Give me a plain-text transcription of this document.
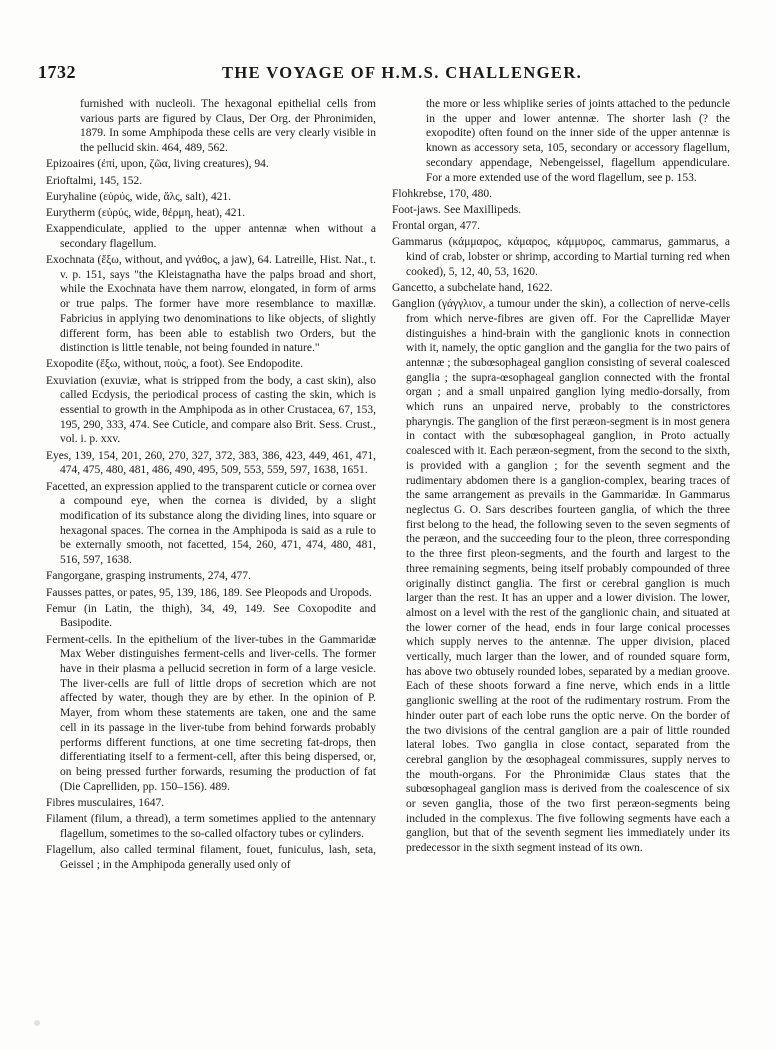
1732	THE VOYAGE OF H.M.S. CHALLENGER.

furnished with nucleoli. The hexagonal epithelial cells from various parts are figured by Claus, Der Org. der Phronimiden, 1879. In some Amphipoda these cells are very clearly visible in the pellucid skin. 464, 489, 562.

Epizoaires (ἐπί, upon, ζῶα, living creatures), 94.

Erioftalmi, 145, 152.

Euryhaline (εὐρύς, wide, ἅλς, salt), 421.

Eurytherm (εὐρύς, wide, θέρμη, heat), 421.

Exappendiculate, applied to the upper antennæ when without a secondary flagellum.

Exochnata (ἔξω, without, and γνάθος, a jaw), 64. Latreille, Hist. Nat., t. v. p. 151, says "the Kleistagnatha have the palps broad and short, while the Exochnata have them narrow, elongated, in form of arms or true palps. The former have more resemblance to maxillæ. Fabricius in applying two denominations to like objects, of slightly different form, has been able to establish two Orders, but the distinction is little tenable, not being founded in nature."

Exopodite (ἔξω, without, πούς, a foot). See Endopodite.

Exuviation (exuviæ, what is stripped from the body, a cast skin), also called Ecdysis, the periodical process of casting the skin, which is essential to growth in the Amphipoda as in other Crustacea, 67, 153, 195, 290, 333, 474. See Cuticle, and compare also Brit. Sess. Crust., vol. i. p. xxv.

Eyes, 139, 154, 201, 260, 270, 327, 372, 383, 386, 423, 449, 461, 471, 474, 475, 480, 481, 486, 490, 495, 509, 553, 559, 597, 1638, 1651.

Facetted, an expression applied to the transparent cuticle or cornea over a compound eye, when the cornea is divided, by a slight modification of its substance along the dividing lines, into square or hexagonal spaces. The cornea in the Amphipoda is said as a rule to be externally smooth, not facetted, 154, 260, 471, 474, 480, 481, 516, 597, 1638.

Fangorgane, grasping instruments, 274, 477.

Fausses pattes, or pates, 95, 139, 186, 189. See Pleopods and Uropods.

Femur (in Latin, the thigh), 34, 49, 149. See Coxopodite and Basipodite.

Ferment-cells. In the epithelium of the liver-tubes in the Gammaridæ Max Weber distinguishes ferment-cells and liver-cells. The former have in their plasma a pellucid secretion in form of a large vesicle. The liver-cells are full of little drops of secretion which are not affected by water, though they are by ether. In the opinion of P. Mayer, from whom these statements are taken, one and the same cell in its passage in the liver-tube from behind forwards probably performs different functions, at one time secreting fat-drops, then differentiating itself to a ferment-cell, after this being dispersed, or, on being pressed further forwards, resuming the production of fat (Die Caprelliden, pp. 150–156). 489.

Fibres musculaires, 1647.

Filament (filum, a thread), a term sometimes applied to the antennary flagellum, sometimes to the so-called olfactory tubes or cylinders.

Flagellum, also called terminal filament, fouet, funiculus, lash, seta, Geissel ; in the Amphipoda generally used only of

the more or less whiplike series of joints attached to the peduncle in the upper and lower antennæ. The shorter lash (? the exopodite) often found on the inner side of the upper antennæ is known as accessory seta, 105, secondary or accessory flagellum, secondary appendage, Nebengeissel, flagellum appendiculare. For a more extended use of the word flagellum, see p. 153.

Flohkrebse, 170, 480.

Foot-jaws. See Maxillipeds.

Frontal organ, 477.

Gammarus (κάμμαρος, κάμαρος, κάμμυρος, cammarus, gammarus, a kind of crab, lobster or shrimp, according to Martial turning red when cooked), 5, 12, 40, 53, 1620.

Gancetto, a subchelate hand, 1622.

Ganglion (γάγγλιον, a tumour under the skin), a collection of nerve-cells from which nerve-fibres are given off. For the Caprellidæ Mayer distinguishes a hind-brain with the ganglionic knots in connection with it, namely, the optic ganglion and the ganglia for the two pairs of antennæ ; the subœsophageal ganglion consisting of several coalesced ganglia ; the supra-œsophageal ganglion connected with the frontal organ ; and a small unpaired ganglion lying medio-dorsally, from which runs an unpaired nerve, probably to the constrictores pharyngis. The ganglion of the first peræon-segment is in most genera in contact with the subœsophageal ganglion, in Proto actually coalesced with it. Each peræon-segment, from the second to the sixth, is provided with a ganglion ; for the seventh segment and the rudimentary abdomen there is a ganglion-complex, bearing traces of the same arrangement as prevails in the Gammaridæ. In Gammarus neglectus G. O. Sars describes fourteen ganglia, of which the three first belong to the head, the following seven to the seven segments of the peræon, and the succeeding four to the pleon, three corresponding to the three first pleon-segments, and the fourth and largest to the three remaining segments, being itself probably compounded of three originally distinct ganglia. The first or cerebral ganglion is much larger than the rest. It has an upper and a lower division. The lower, almost on a level with the rest of the ganglionic chain, and situated at the lower corner of the head, ends in four large conical processes which supply nerves to the antennæ. The upper division, placed vertically, much larger than the lower, and of rounded square form, has above two obtusely rounded lobes, separated by a median groove. Each of these shoots forward a fine nerve, which ends in a little ganglionic swelling at the root of the rudimentary rostrum. From the hinder outer part of each lobe runs the optic nerve. On the border of the two divisions of the central ganglion are a pair of little rounded lateral lobes. Two ganglia in close contact, separated from the cerebral ganglion by the œsophageal commissures, supply nerves to the mouth-organs. For the Phronimidæ Claus states that the subœsophageal ganglion mass is derived from the coalescence of six or seven ganglia, those of the two first peræon-segments being included in the complexus. The five following segments have each a ganglion, but that of the seventh segment lies immediately under its predecessor in the sixth segment instead of its own.
